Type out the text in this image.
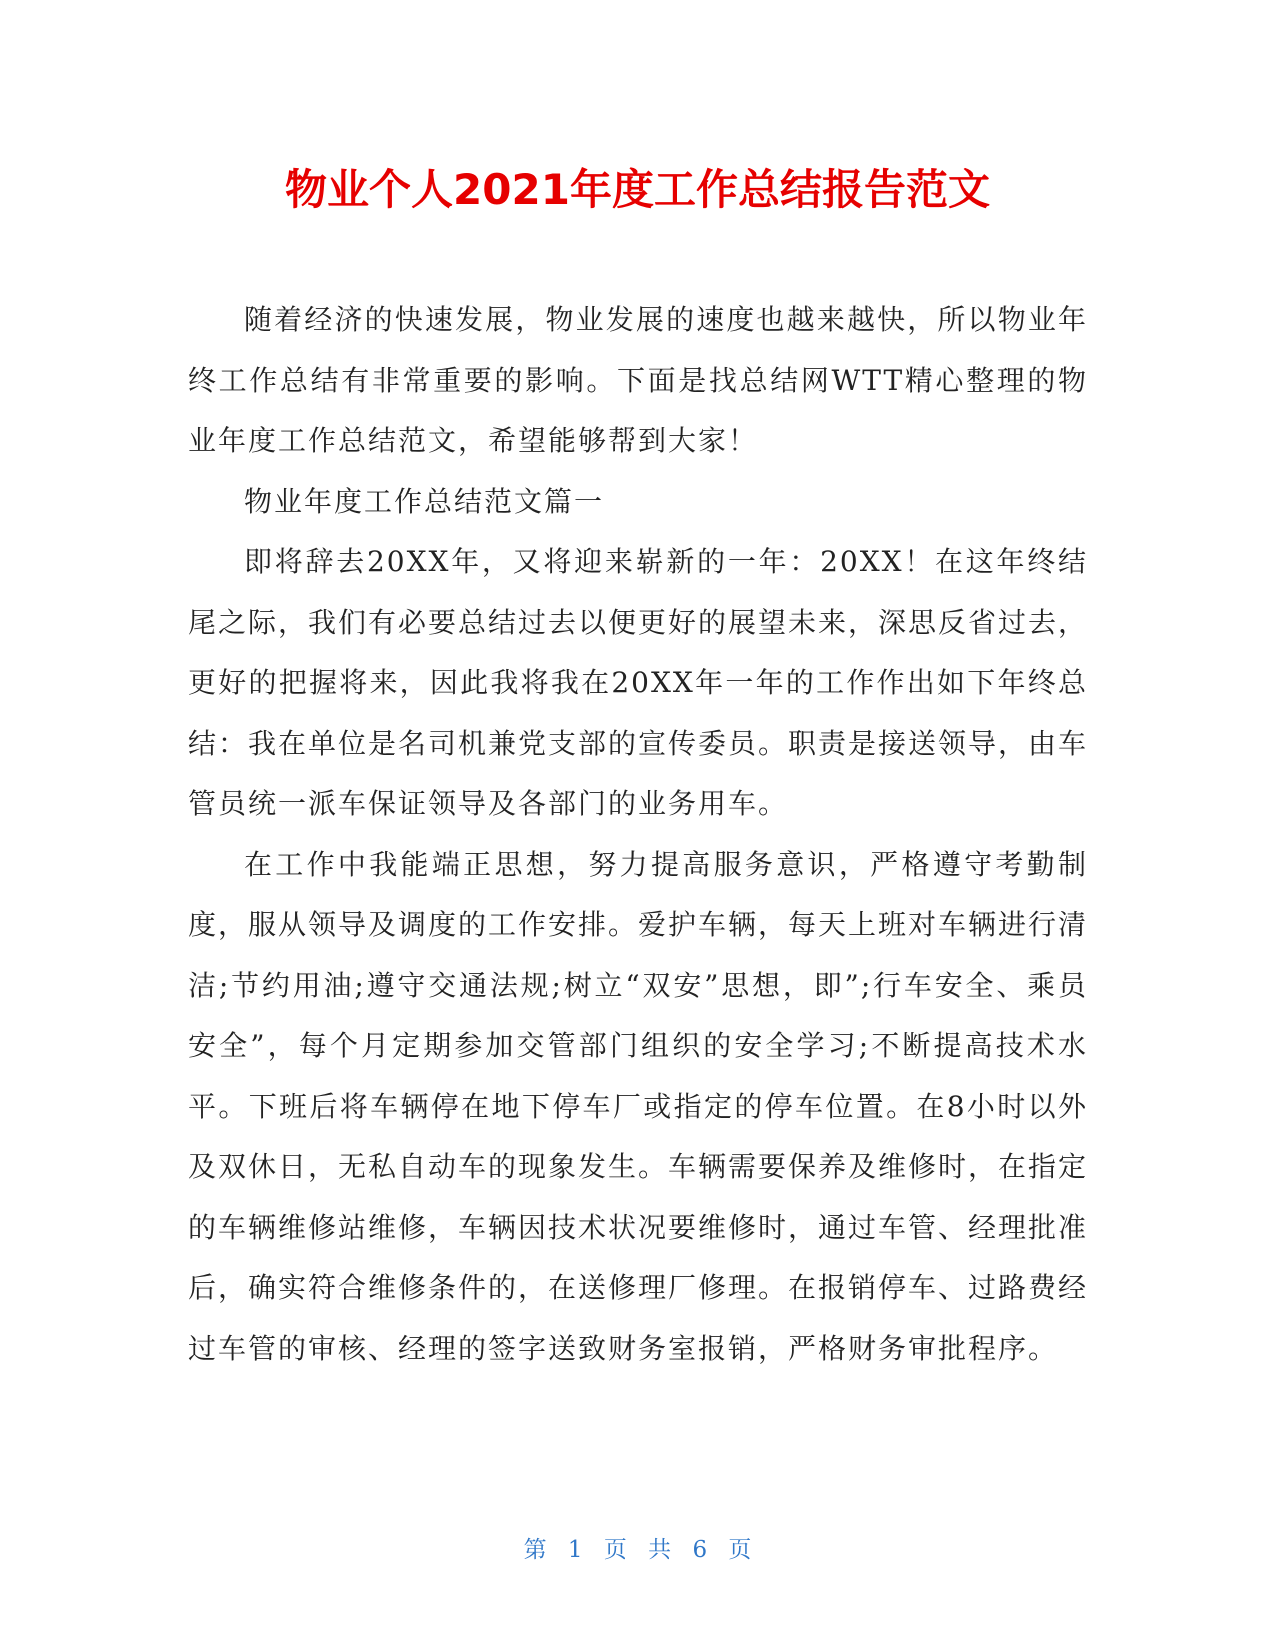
物业个人2021年度工作总结报告范文

随着经济的快速发展，物业发展的速度也越来越快，所以物业年终工作总结有非常重要的影响。下面是找总结网WTT精心整理的物业年度工作总结范文，希望能够帮到大家！

物业年度工作总结范文篇一

即将辞去20XX年，又将迎来崭新的一年：20XX！在这年终结尾之际，我们有必要总结过去以便更好的展望未来，深思反省过去，更好的把握将来，因此我将我在20XX年一年的工作作出如下年终总结：我在单位是名司机兼党支部的宣传委员。职责是接送领导，由车管员统一派车保证领导及各部门的业务用车。

在工作中我能端正思想，努力提高服务意识，严格遵守考勤制度，服从领导及调度的工作安排。爱护车辆，每天上班对车辆进行清洁;节约用油;遵守交通法规;树立“双安”思想，即”;行车安全、乘员安全”，每个月定期参加交管部门组织的安全学习;不断提高技术水平。下班后将车辆停在地下停车厂或指定的停车位置。在8小时以外及双休日，无私自动车的现象发生。车辆需要保养及维修时，在指定的车辆维修站维修，车辆因技术状况要维修时，通过车管、经理批准后，确实符合维修条件的，在送修理厂修理。在报销停车、过路费经过车管的审核、经理的签字送致财务室报销，严格财务审批程序。

第 1 页 共 6 页
